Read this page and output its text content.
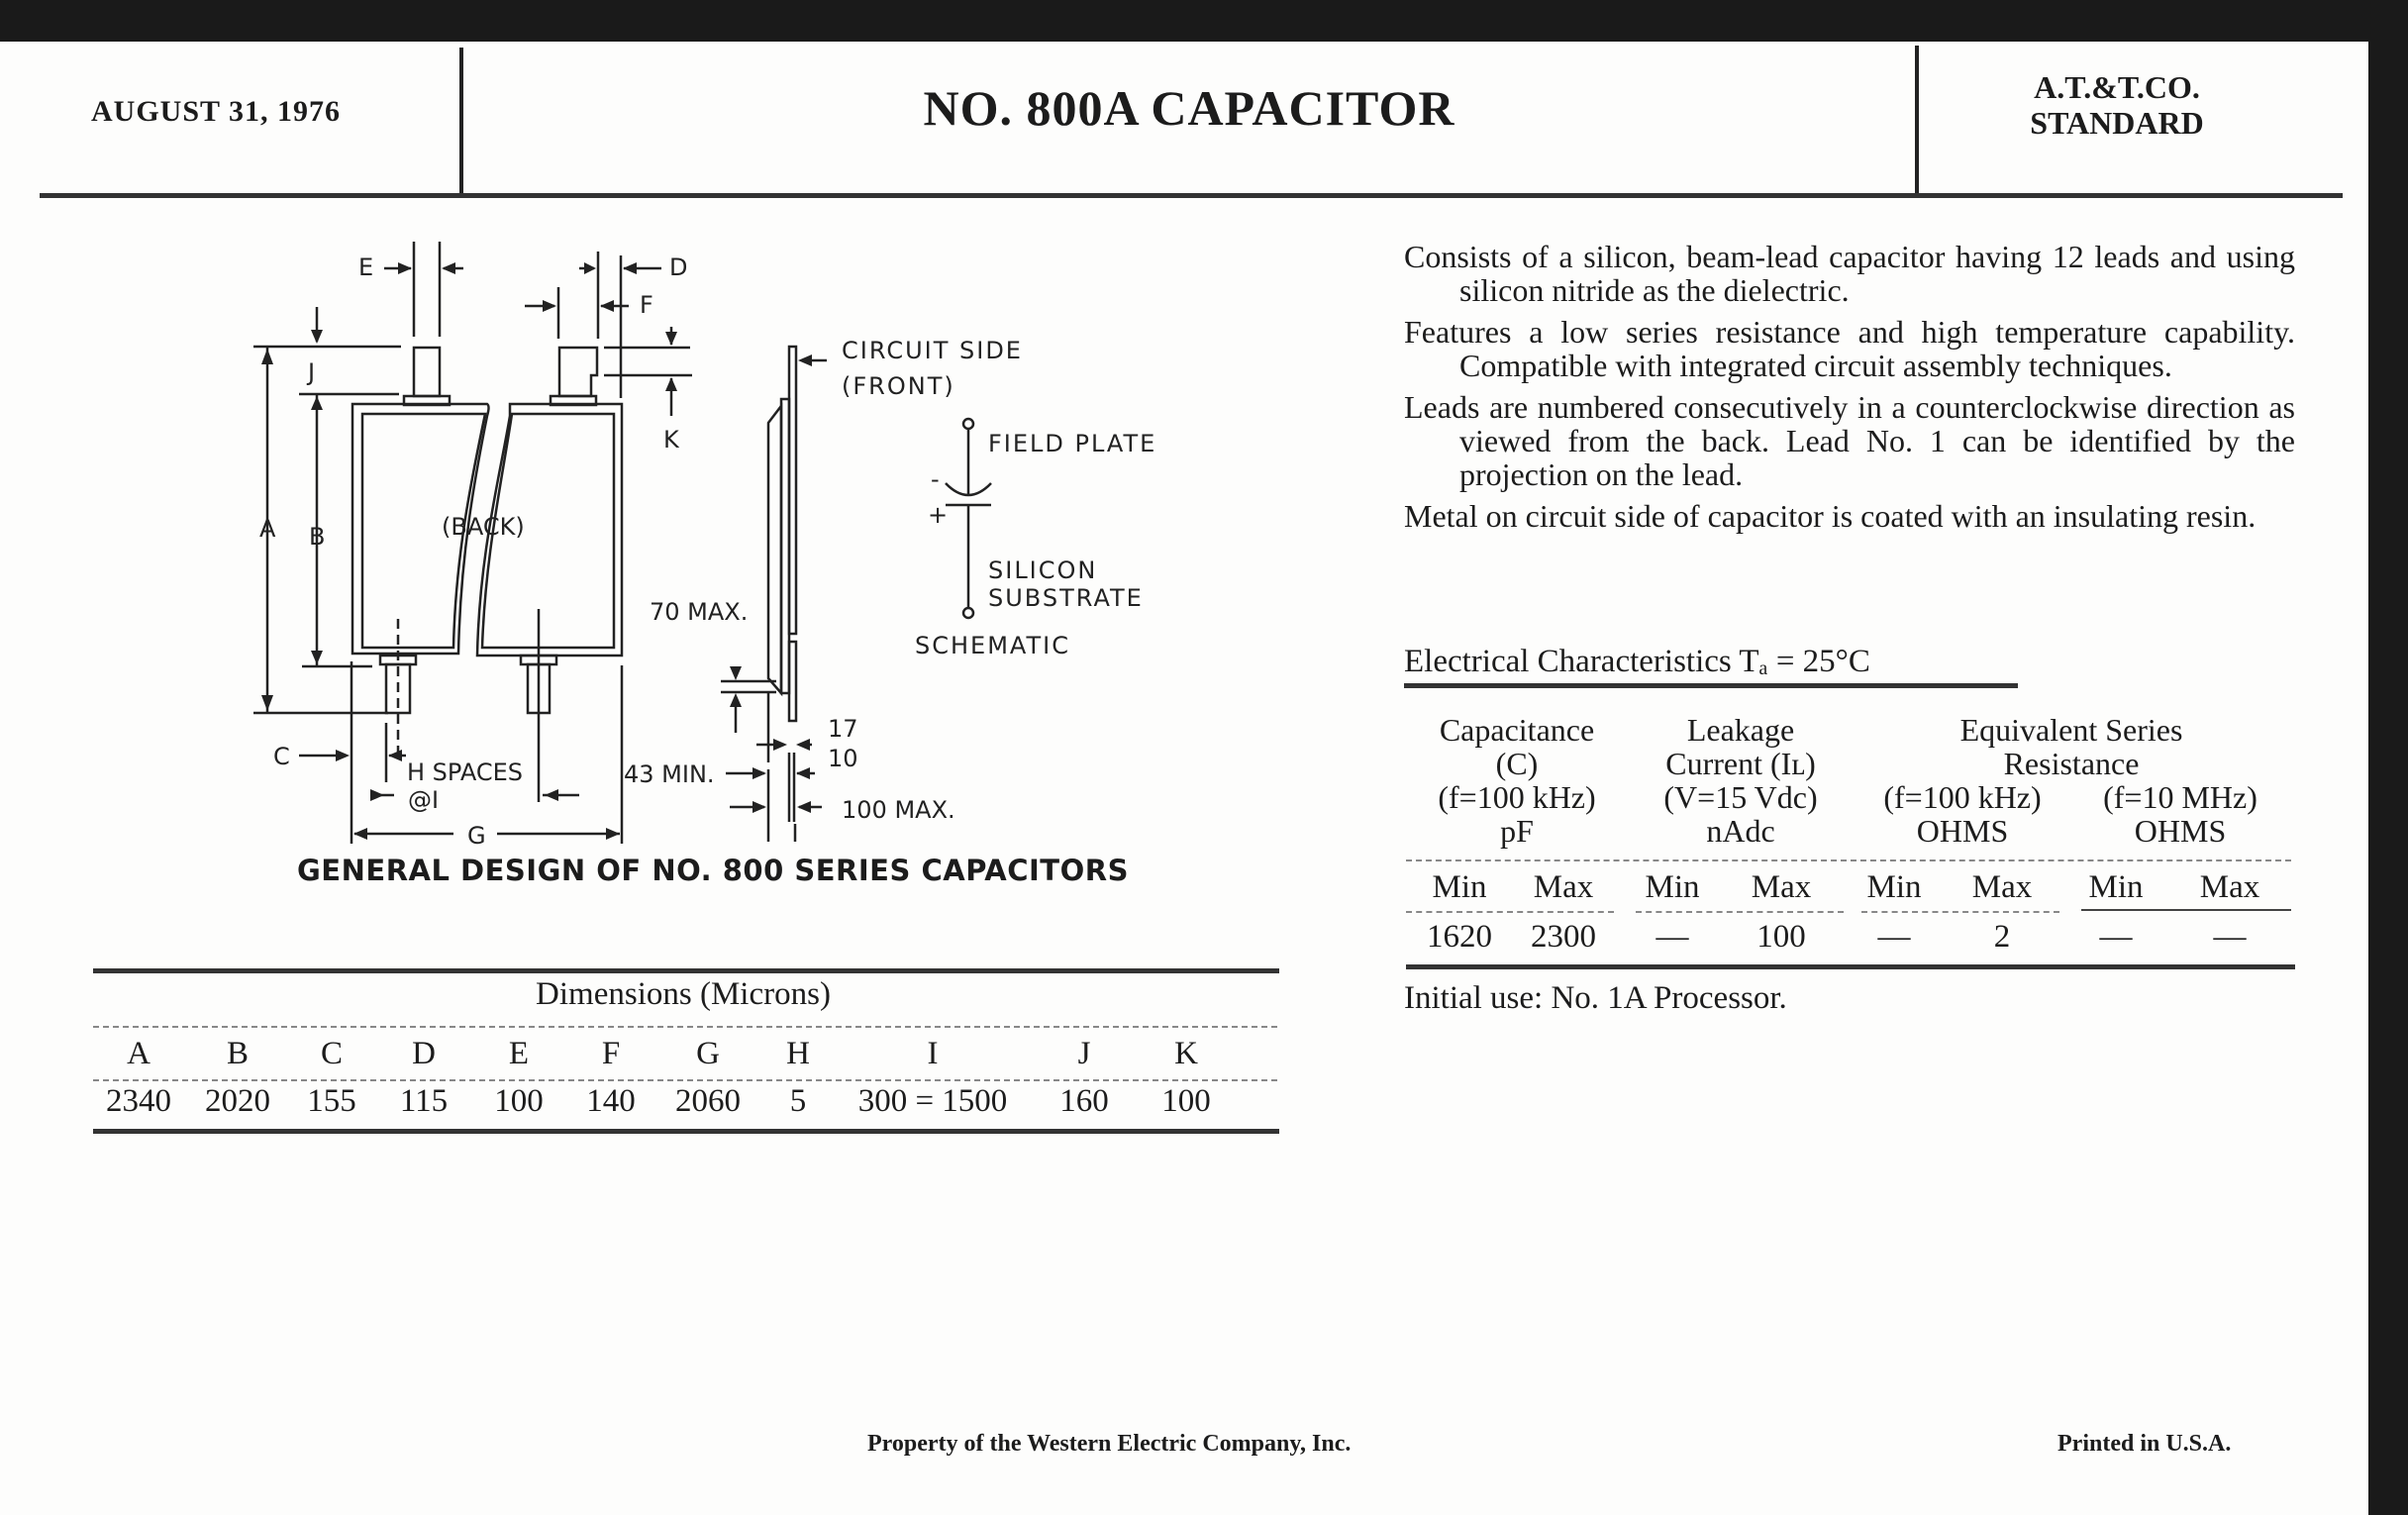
AUGUST 31, 1976	NO. 800A CAPACITOR	A.T.&T.CO.
STANDARD
E	D
F
J
K
A B	(BACK)
C
H SPACES
@I
G
CIRCUIT SIDE
(FRONT)
FIELD PLATE
-
+
SILICON
SUBSTRATE
SCHEMATIC
70 MAX.
17
10
43 MIN.
100 MAX.
GENERAL DESIGN OF NO. 800 SERIES CAPACITORS
Dimensions (Microns)
A	B	C	D	E	F	G	H	I	J	K
2340	2020	155	115	100	140	2060	5	300 = 1500	160	100

Consists of a silicon, beam-lead capacitor having 12 leads and using silicon nitride as the dielectric.

Features a low series resistance and high temperature capability. Compatible with integrated circuit assembly techniques.

Leads are numbered consecutively in a counterclockwise direction as viewed from the back. Lead No. 1 can be identified by the projection on the lead.

Metal on circuit side of capacitor is coated with an insulating resin.

Electrical Characteristics Tₐ = 25°C
Capacitance
(C)
(f=100 kHz)
pF
Leakage
Current (Iʟ)
(V=15 Vdc)
nAdc
Equivalent Series
Resistance
(f=100 kHz)
OHMS
(f=10 MHz)
OHMS
Min	Max	Min	Max	Min	Max	Min	Max
1620	2300	—	100	—	2	—	—
Initial use: No. 1A Processor.
Property of the Western Electric Company, Inc.	Printed in U.S.A.
